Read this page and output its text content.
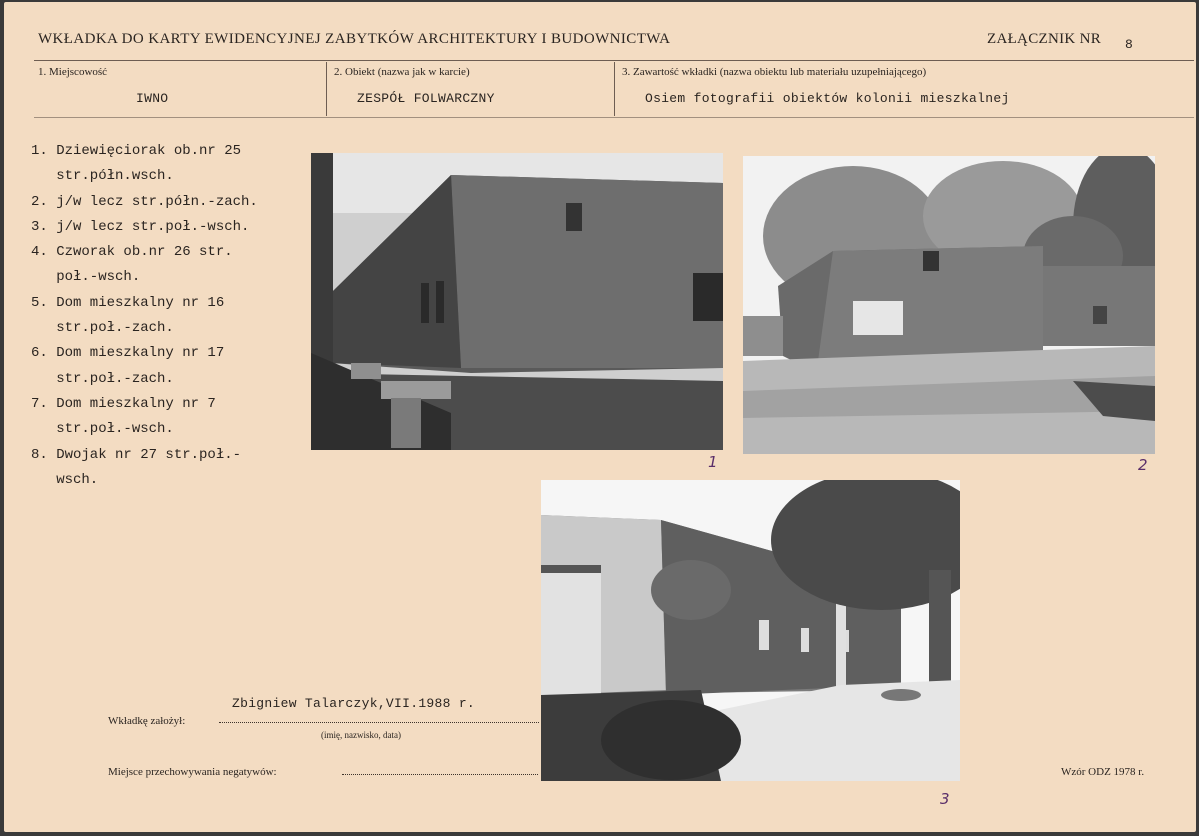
WKŁADKA DO KARTY EWIDENCYJNEJ ZABYTKÓW ARCHITEKTURY I BUDOWNICTWA	ZAŁĄCZNIK NR 8
1. Miejscowość
IWNO
2. Obiekt (nazwa jak w karcie)
ZESPÓŁ FOLWARCZNY
3. Zawartość wkładki (nazwa obiektu lub materiału uzupełniającego)
Osiem fotografii obiektów kolonii mieszkalnej
1. Dziewięciorak ob.nr 25
str.półn.wsch.
2. j/w lecz str.półn.-zach.
3. j/w lecz str.poł.-wsch.
4. Czworak ob.nr 26 str.
poł.-wsch.
5. Dom mieszkalny nr 16
str.poł.-zach.
6. Dom mieszkalny nr 17
str.poł.-zach.
7. Dom mieszkalny nr 7
str.poł.-wsch.
8. Dwojak nr 27 str.poł.-
wsch.
1	2
3
Wkładkę założył:
Zbigniew Talarczyk,VII.1988 r.
(imię, nazwisko, data)
Miejsce przechowywania negatywów:	Wzór ODZ 1978 r.
